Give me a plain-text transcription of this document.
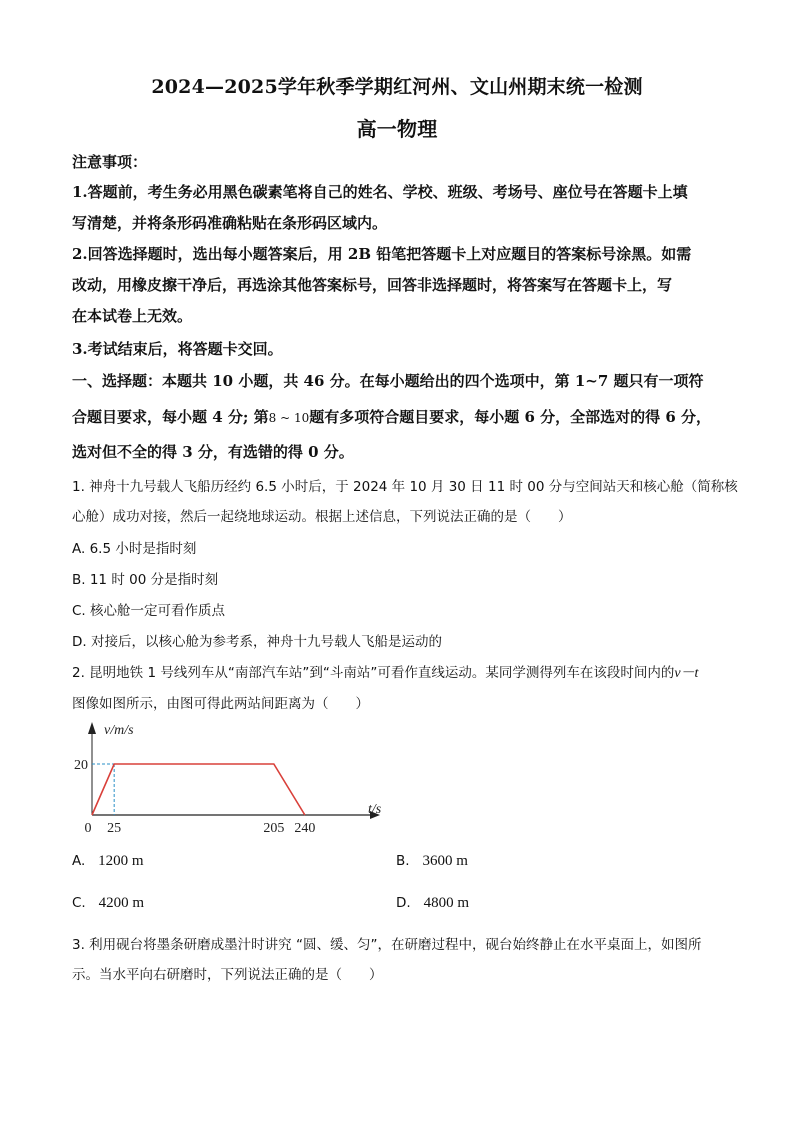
2024—2025学年秋季学期红河州、文山州期末统一检测
高一物理
注意事项：
1.答题前，考生务必用黑色碳素笔将自己的姓名、学校、班级、考场号、座位号在答题卡上填
写清楚，并将条形码准确粘贴在条形码区域内。
2.回答选择题时，选出每小题答案后，用 2B 铅笔把答题卡上对应题目的答案标号涂黑。如需
改动，用橡皮擦干净后，再选涂其他答案标号，回答非选择题时，将答案写在答题卡上，写
在本试卷上无效。
3.考试结束后，将答题卡交回。
一、选择题：本题共 10 小题，共 46 分。在每小题给出的四个选项中，第 1~7 题只有一项符
合题目要求，每小题 4 分; 第8 ~ 10题有多项符合题目要求，每小题 6 分，全部选对的得 6 分，
选对但不全的得 3 分，有选错的得 0 分。
1. 神舟十九号载人飞船历经约 6.5 小时后，于 2024 年 10 月 30 日 11 时 00 分与空间站天和核心舱（简称核
心舱）成功对接，然后一起绕地球运动。根据上述信息，下列说法正确的是（　　）
A. 6.5 小时是指时刻
B. 11 时 00 分是指时刻
C. 核心舱一定可看作质点
D. 对接后，以核心舱为参考系，神舟十九号载人飞船是运动的
2. 昆明地铁 1 号线列车从“南部汽车站”到“斗南站”可看作直线运动。某同学测得列车在该段时间内的v－t
图像如图所示，由图可得此两站间距离为（　　）
0 25	205 240
20
v/m/s
t/s
A. 1200 m	B. 3600 m
C. 4200 m	D. 4800 m
3. 利用砚台将墨条研磨成墨汁时讲究 “圆、缓、匀”，在研磨过程中，砚台始终静止在水平桌面上，如图所
示。当水平向右研磨时，下列说法正确的是（　　）
